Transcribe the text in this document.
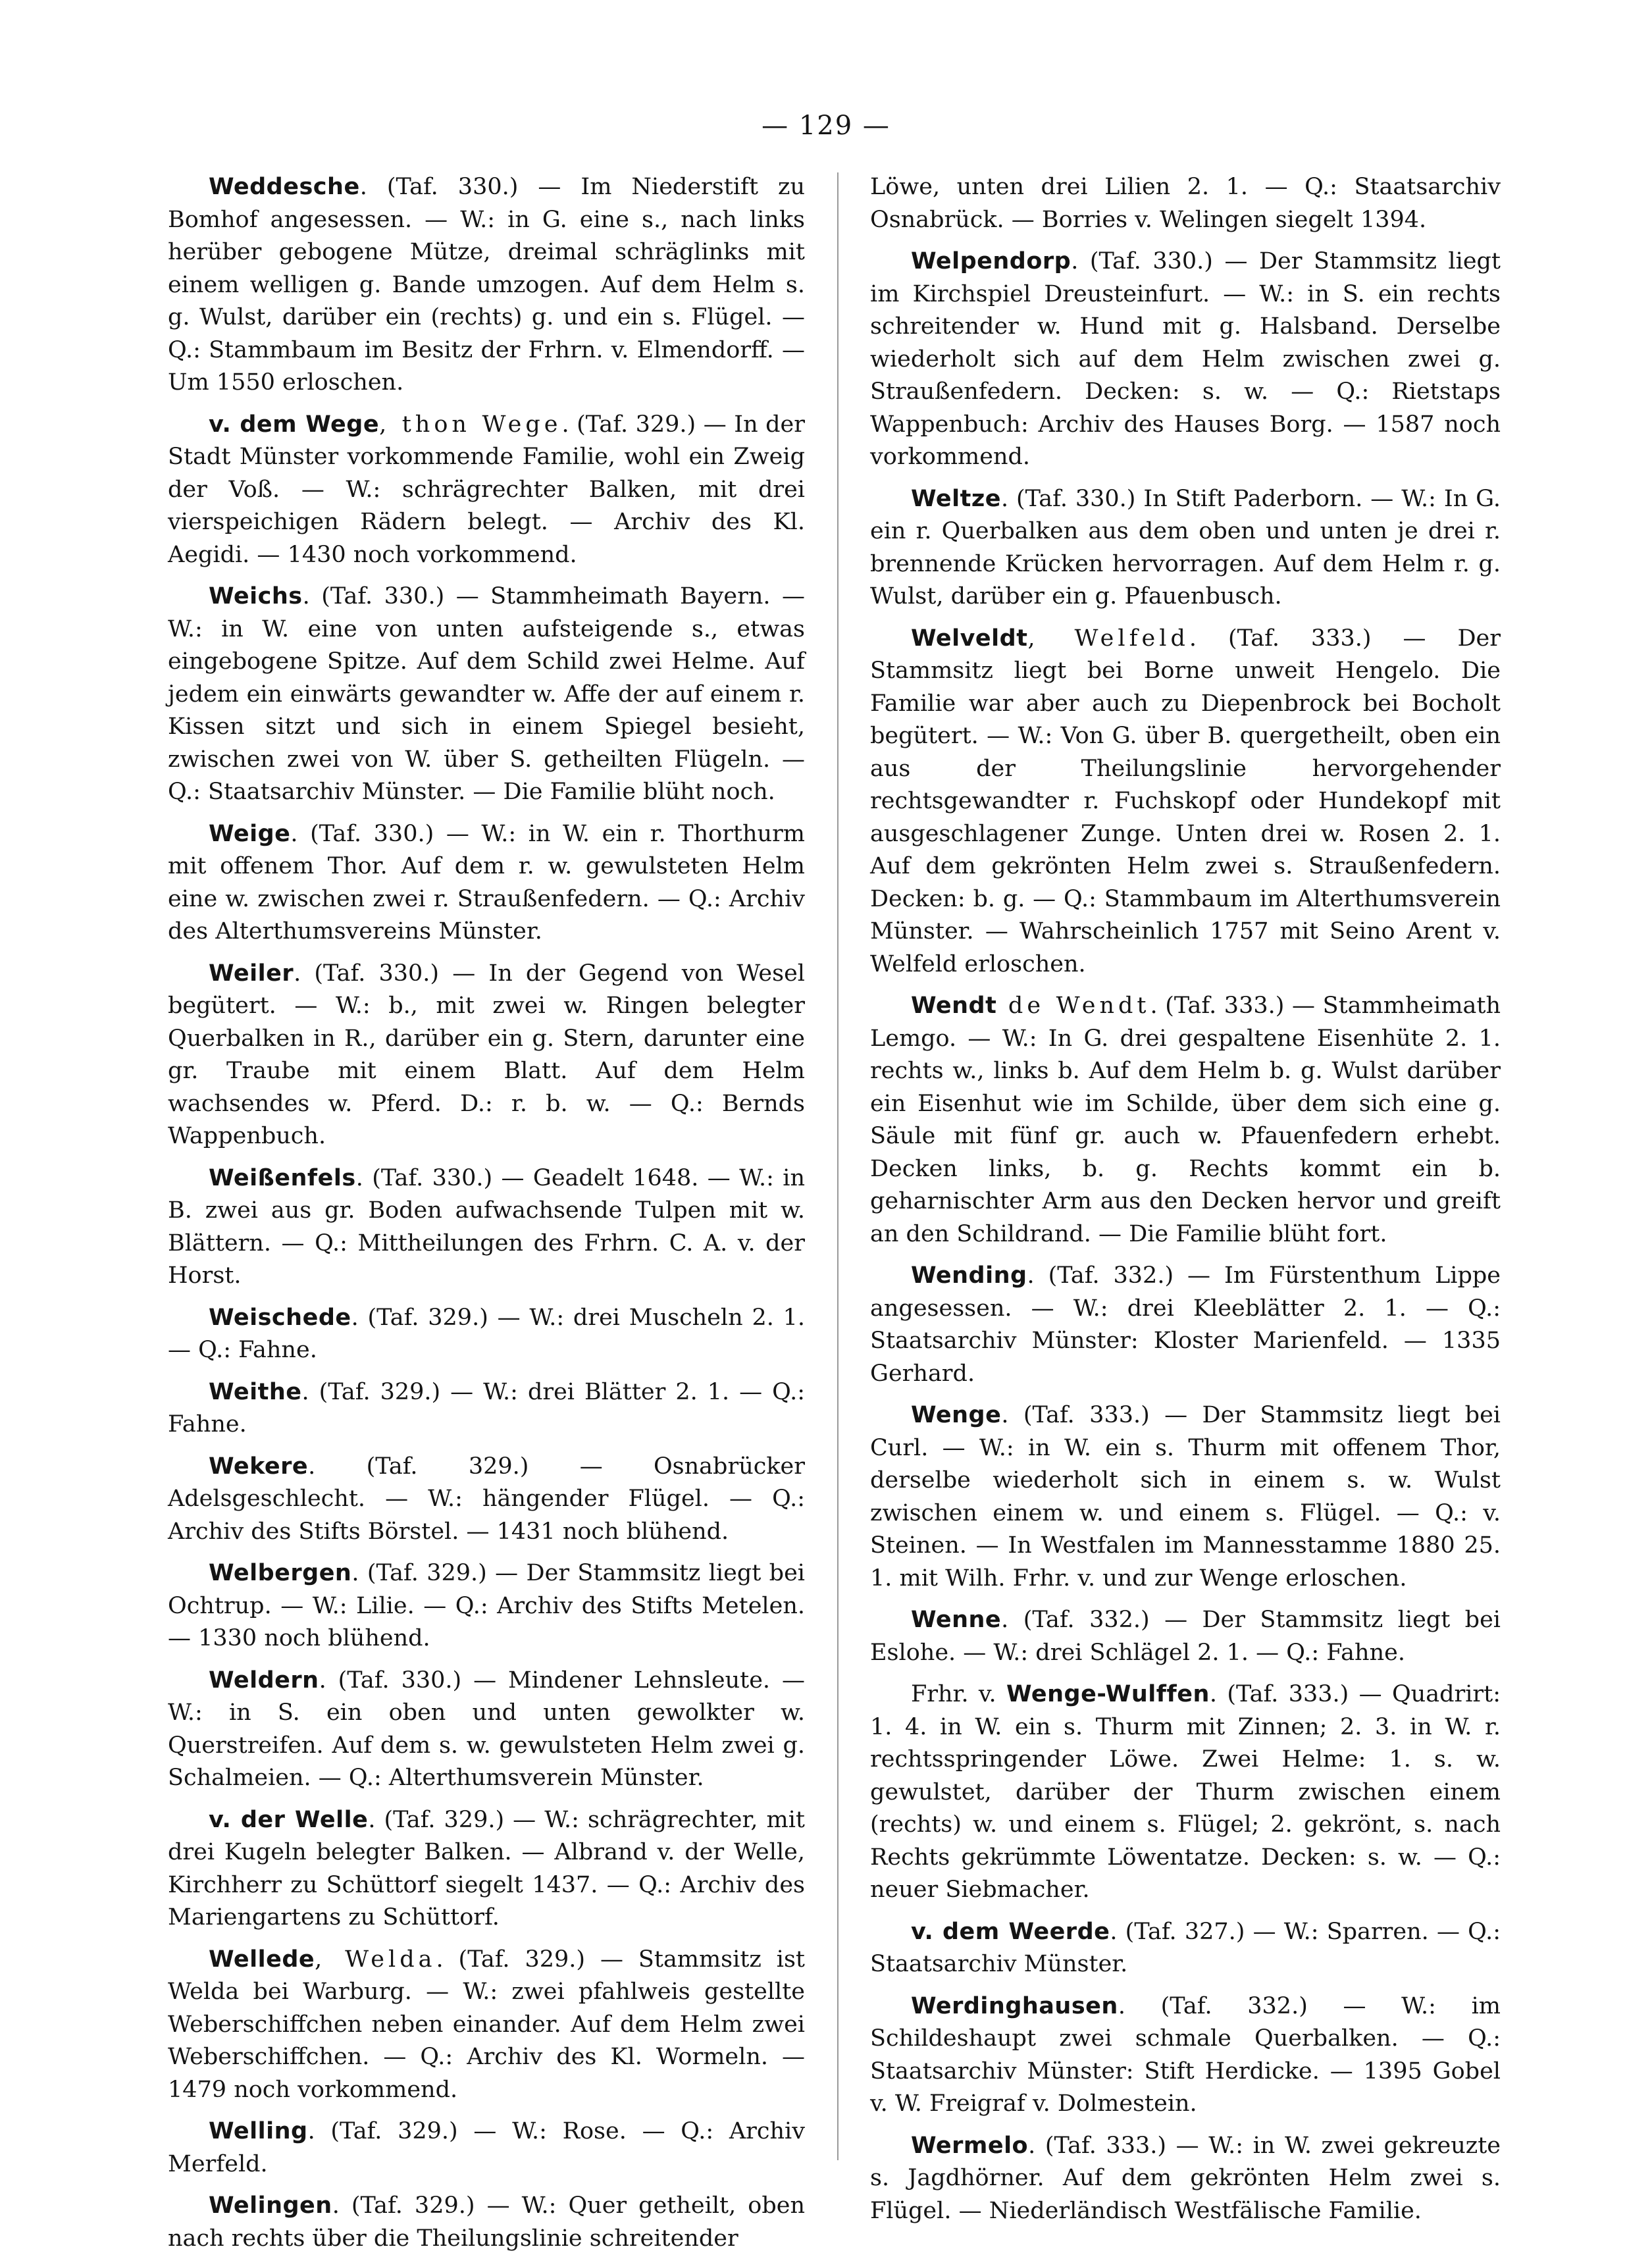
— 129 —

Weddesche. (Taf. 330.) — Im Niederstift zu Bomhof angesessen. — W.: in G. eine s., nach links herüber gebogene Mütze, dreimal schräglinks mit einem welligen g. Bande umzogen. Auf dem Helm s. g. Wulst, darüber ein (rechts) g. und ein s. Flügel. — Q.: Stammbaum im Besitz der Frhrn. v. Elmendorff. — Um 1550 erloschen.

v. dem Wege, thon Wege. (Taf. 329.) — In der Stadt Münster vorkommende Familie, wohl ein Zweig der Voß. — W.: schrägrechter Balken, mit drei vierspeichigen Rädern belegt. — Archiv des Kl. Aegidi. — 1430 noch vorkommend.

Weichs. (Taf. 330.) — Stammheimath Bayern. — W.: in W. eine von unten aufsteigende s., etwas eingebogene Spitze. Auf dem Schild zwei Helme. Auf jedem ein einwärts gewandter w. Affe der auf einem r. Kissen sitzt und sich in einem Spiegel besieht, zwischen zwei von W. über S. getheilten Flügeln. — Q.: Staatsarchiv Münster. — Die Familie blüht noch.

Weige. (Taf. 330.) — W.: in W. ein r. Thorthurm mit offenem Thor. Auf dem r. w. gewulsteten Helm eine w. zwischen zwei r. Straußenfedern. — Q.: Archiv des Alterthumsvereins Münster.

Weiler. (Taf. 330.) — In der Gegend von Wesel begütert. — W.: b., mit zwei w. Ringen belegter Querbalken in R., darüber ein g. Stern, darunter eine gr. Traube mit einem Blatt. Auf dem Helm wachsendes w. Pferd. D.: r. b. w. — Q.: Bernds Wappenbuch.

Weißenfels. (Taf. 330.) — Geadelt 1648. — W.: in B. zwei aus gr. Boden aufwachsende Tulpen mit w. Blättern. — Q.: Mittheilungen des Frhrn. C. A. v. der Horst.

Weischede. (Taf. 329.) — W.: drei Muscheln 2. 1. — Q.: Fahne.

Weithe. (Taf. 329.) — W.: drei Blätter 2. 1. — Q.: Fahne.

Wekere. (Taf. 329.) — Osnabrücker Adelsgeschlecht. — W.: hängender Flügel. — Q.: Archiv des Stifts Börstel. — 1431 noch blühend.

Welbergen. (Taf. 329.) — Der Stammsitz liegt bei Ochtrup. — W.: Lilie. — Q.: Archiv des Stifts Metelen. — 1330 noch blühend.

Weldern. (Taf. 330.) — Mindener Lehnsleute. — W.: in S. ein oben und unten gewolkter w. Querstreifen. Auf dem s. w. gewulsteten Helm zwei g. Schalmeien. — Q.: Alterthumsverein Münster.

v. der Welle. (Taf. 329.) — W.: schrägrechter, mit drei Kugeln belegter Balken. — Albrand v. der Welle, Kirchherr zu Schüttorf siegelt 1437. — Q.: Archiv des Mariengartens zu Schüttorf.

Wellede, Welda. (Taf. 329.) — Stammsitz ist Welda bei Warburg. — W.: zwei pfahlweis gestellte Weberschiffchen neben einander. Auf dem Helm zwei Weberschiffchen. — Q.: Archiv des Kl. Wormeln. — 1479 noch vorkommend.

Welling. (Taf. 329.) — W.: Rose. — Q.: Archiv Merfeld.

Welingen. (Taf. 329.) — W.: Quer getheilt, oben nach rechts über die Theilungslinie schreitender

Löwe, unten drei Lilien 2. 1. — Q.: Staatsarchiv Osnabrück. — Borries v. Welingen siegelt 1394.

Welpendorp. (Taf. 330.) — Der Stammsitz liegt im Kirchspiel Dreusteinfurt. — W.: in S. ein rechts schreitender w. Hund mit g. Halsband. Derselbe wiederholt sich auf dem Helm zwischen zwei g. Straußenfedern. Decken: s. w. — Q.: Rietstaps Wappenbuch: Archiv des Hauses Borg. — 1587 noch vorkommend.

Weltze. (Taf. 330.) In Stift Paderborn. — W.: In G. ein r. Querbalken aus dem oben und unten je drei r. brennende Krücken hervorragen. Auf dem Helm r. g. Wulst, darüber ein g. Pfauenbusch.

Welveldt, Welfeld. (Taf. 333.) — Der Stammsitz liegt bei Borne unweit Hengelo. Die Familie war aber auch zu Diepenbrock bei Bocholt begütert. — W.: Von G. über B. quergetheilt, oben ein aus der Theilungslinie hervorgehender rechtsgewandter r. Fuchskopf oder Hundekopf mit ausgeschlagener Zunge. Unten drei w. Rosen 2. 1. Auf dem gekrönten Helm zwei s. Straußenfedern. Decken: b. g. — Q.: Stammbaum im Alterthumsverein Münster. — Wahrscheinlich 1757 mit Seino Arent v. Welfeld erloschen.

Wendt de Wendt. (Taf. 333.) — Stammheimath Lemgo. — W.: In G. drei gespaltene Eisenhüte 2. 1. rechts w., links b. Auf dem Helm b. g. Wulst darüber ein Eisenhut wie im Schilde, über dem sich eine g. Säule mit fünf gr. auch w. Pfauenfedern erhebt. Decken links, b. g. Rechts kommt ein b. geharnischter Arm aus den Decken hervor und greift an den Schildrand. — Die Familie blüht fort.

Wending. (Taf. 332.) — Im Fürstenthum Lippe angesessen. — W.: drei Kleeblätter 2. 1. — Q.: Staatsarchiv Münster: Kloster Marienfeld. — 1335 Gerhard.

Wenge. (Taf. 333.) — Der Stammsitz liegt bei Curl. — W.: in W. ein s. Thurm mit offenem Thor, derselbe wiederholt sich in einem s. w. Wulst zwischen einem w. und einem s. Flügel. — Q.: v. Steinen. — In Westfalen im Mannesstamme 1880 25. 1. mit Wilh. Frhr. v. und zur Wenge erloschen.

Wenne. (Taf. 332.) — Der Stammsitz liegt bei Eslohe. — W.: drei Schlägel 2. 1. — Q.: Fahne.

Frhr. v. Wenge-Wulffen. (Taf. 333.) — Quadrirt: 1. 4. in W. ein s. Thurm mit Zinnen; 2. 3. in W. r. rechtsspringender Löwe. Zwei Helme: 1. s. w. gewulstet, darüber der Thurm zwischen einem (rechts) w. und einem s. Flügel; 2. gekrönt, s. nach Rechts gekrümmte Löwentatze. Decken: s. w. — Q.: neuer Siebmacher.

v. dem Weerde. (Taf. 327.) — W.: Sparren. — Q.: Staatsarchiv Münster.

Werdinghausen. (Taf. 332.) — W.: im Schildeshaupt zwei schmale Querbalken. — Q.: Staatsarchiv Münster: Stift Herdicke. — 1395 Gobel v. W. Freigraf v. Dolmestein.

Wermelo. (Taf. 333.) — W.: in W. zwei gekreuzte s. Jagdhörner. Auf dem gekrönten Helm zwei s. Flügel. — Niederländisch Westfälische Familie.
